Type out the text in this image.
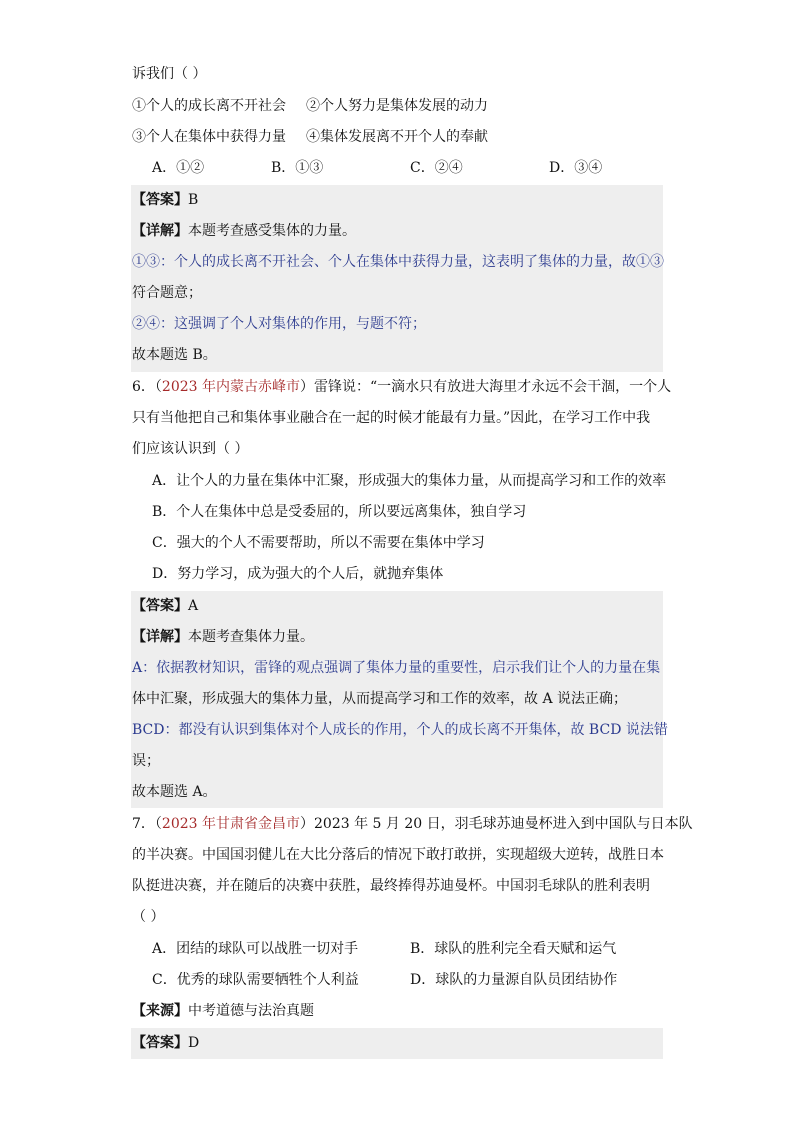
诉我们（ ）
①个人的成长离不开社会 ②个人努力是集体发展的动力
③个人在集体中获得力量 ④集体发展离不开个人的奉献
A．①②	B．①③	C．②④	D．③④
【答案】B
【详解】本题考查感受集体的力量。
①③：个人的成长离不开社会、个人在集体中获得力量，这表明了集体的力量，故①③
符合题意；
②④：这强调了个人对集体的作用，与题不符；
故本题选 B。
6．（2023 年内蒙古赤峰市）雷锋说：“一滴水只有放进大海里才永远不会干涸，一个人
只有当他把自己和集体事业融合在一起的时候才能最有力量。”因此，在学习工作中我
们应该认识到（ ）
A．让个人的力量在集体中汇聚，形成强大的集体力量，从而提高学习和工作的效率
B．个人在集体中总是受委屈的，所以要远离集体，独自学习
C．强大的个人不需要帮助，所以不需要在集体中学习
D．努力学习，成为强大的个人后，就抛弃集体
【答案】A
【详解】本题考查集体力量。
A：依据教材知识，雷锋的观点强调了集体力量的重要性，启示我们让个人的力量在集
体中汇聚，形成强大的集体力量，从而提高学习和工作的效率，故 A 说法正确；
BCD：都没有认识到集体对个人成长的作用，个人的成长离不开集体，故 BCD 说法错
误；
故本题选 A。
7．（2023 年甘肃省金昌市）2023 年 5 月 20 日，羽毛球苏迪曼杯进入到中国队与日本队
的半决赛。中国国羽健儿在大比分落后的情况下敢打敢拼，实现超级大逆转，战胜日本
队挺进决赛，并在随后的决赛中获胜，最终捧得苏迪曼杯。中国羽毛球队的胜利表明
（ ）
A．团结的球队可以战胜一切对手	B．球队的胜利完全看天赋和运气
C．优秀的球队需要牺牲个人利益	D．球队的力量源自队员团结协作
【来源】中考道德与法治真题
【答案】D
